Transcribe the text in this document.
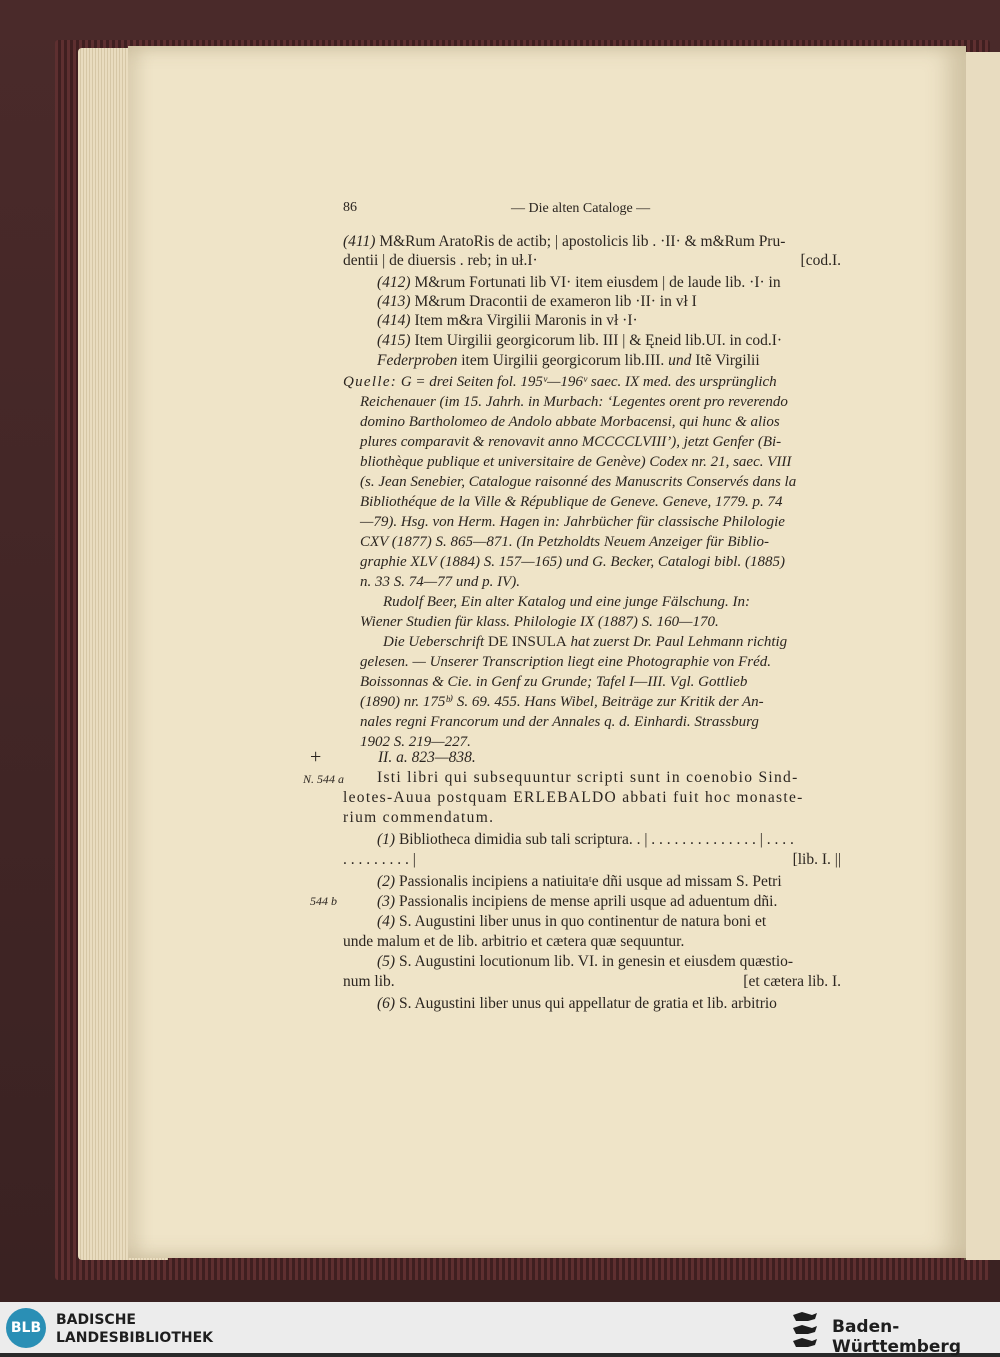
86	— Die alten Cataloge —
(411) M&Rum AratoRis de actib; | apostolicis lib . ·II· & m&Rum Pru-
dentii | de diuersis . reb; in uł.I·	[cod.I.
(412) M&rum Fortunati lib VI· item eiusdem | de laude lib. ·I· in
(413) M&rum Dracontii de exameron lib ·II· in vł I
(414) Item m&ra Virgilii Maronis in vł ·I·
(415) Item Uirgilii georgicorum lib. III | & Ęneid lib.UI. in cod.I·
Federproben item Uirgilii georgicorum lib.III. und Itẽ Virgilii
Quelle: G = drei Seiten fol. 195ᵛ—196ᵛ saec. IX med. des ursprünglich
Reichenauer (im 15. Jahrh. in Murbach: ‘Legentes orent pro reverendo
domino Bartholomeo de Andolo abbate Morbacensi, qui hunc & alios
plures comparavit & renovavit anno MCCCCLVIII’), jetzt Genfer (Bi-
bliothèque publique et universitaire de Genève) Codex nr. 21, saec. VIII
(s. Jean Senebier, Catalogue raisonné des Manuscrits Conservés dans la
Bibliothéque de la Ville & République de Geneve. Geneve, 1779. p. 74
—79). Hsg. von Herm. Hagen in: Jahrbücher für classische Philologie
CXV (1877) S. 865—871. (In Petzholdts Neuem Anzeiger für Biblio-
graphie XLV (1884) S. 157—165) und G. Becker, Catalogi bibl. (1885)
n. 33 S. 74—77 und p. IV).
Rudolf Beer, Ein alter Katalog und eine junge Fälschung. In:
Wiener Studien für klass. Philologie IX (1887) S. 160—170.
Die Ueberschrift DE INSULA hat zuerst Dr. Paul Lehmann richtig
gelesen. — Unserer Transcription liegt eine Photographie von Fréd.
Boissonnas & Cie. in Genf zu Grunde; Tafel I—III. Vgl. Gottlieb
(1890) nr. 175ᵇ⁾ S. 69. 455. Hans Wibel, Beiträge zur Kritik der An-
nales regni Francorum und der Annales q. d. Einhardi. Strassburg
1902 S. 219—227.
+	II. a. 823—838.
N. 544 a Isti libri qui subsequuntur scripti sunt in coenobio Sind-
leotes-Auua postquam ERLEBALDO abbati fuit hoc monaste-
rium commendatum.
(1) Bibliotheca dimidia sub tali scriptura. . | . . . . . . . . . . . . . . | . . . .
. . . . . . . . . |	[lib. I. ||
(2) Passionalis incipiens a natiuitaᵗe dñi usque ad missam S. Petri
(3) Passionalis incipiens de mense aprili usque ad aduentum dñi.
(4) S. Augustini liber unus in quo continentur de natura boni et
unde malum et de lib. arbitrio et cætera quæ sequuntur.
(5) S. Augustini locutionum lib. VI. in genesin et eiusdem quæstio-
num lib.	[et cætera lib. I.
(6) S. Augustini liber unus qui appellatur de gratia et lib. arbitrio
544 b
BLB	BADISCHE
LANDESBIBLIOTHEK
Baden-Württemberg
